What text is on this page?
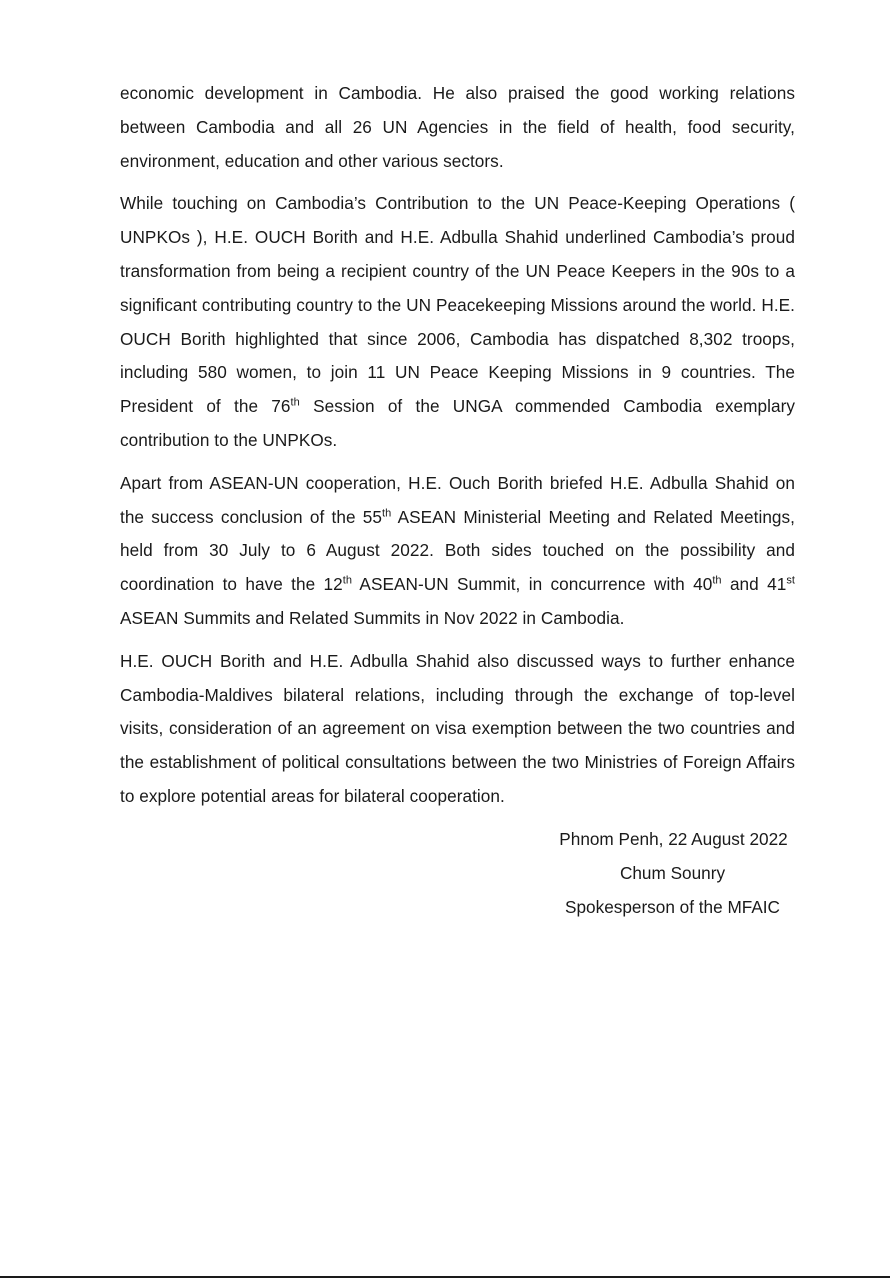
economic development in Cambodia. He also praised the good working relations between Cambodia and all 26 UN Agencies in the field of health, food security, environment, education and other various sectors.

While touching on Cambodia’s Contribution to the UN Peace-Keeping Operations ( UNPKOs ), H.E. OUCH Borith and H.E. Adbulla Shahid underlined Cambodia’s proud transformation from being a recipient country of the UN Peace Keepers in the 90s to a significant contributing country to the UN Peacekeeping Missions around the world. H.E. OUCH Borith highlighted that since 2006, Cambodia has dispatched 8,302 troops, including 580 women, to join 11 UN Peace Keeping Missions in 9 countries. The President of the 76th Session of the UNGA commended Cambodia exemplary contribution to the UNPKOs.

Apart from ASEAN-UN cooperation, H.E. Ouch Borith briefed H.E. Adbulla Shahid on the success conclusion of the 55th ASEAN Ministerial Meeting and Related Meetings, held from 30 July to 6 August 2022. Both sides touched on the possibility and coordination to have the 12th ASEAN-UN Summit, in concurrence with 40th and 41st ASEAN Summits and Related Summits in Nov 2022 in Cambodia.

H.E. OUCH Borith and H.E. Adbulla Shahid also discussed ways to further enhance Cambodia-Maldives bilateral relations, including through the exchange of top-level visits, consideration of an agreement on visa exemption between the two countries and the establishment of political consultations between the two Ministries of Foreign Affairs to explore potential areas for bilateral cooperation.

Phnom Penh, 22 August 2022
Chum Sounry
Spokesperson of the MFAIC
